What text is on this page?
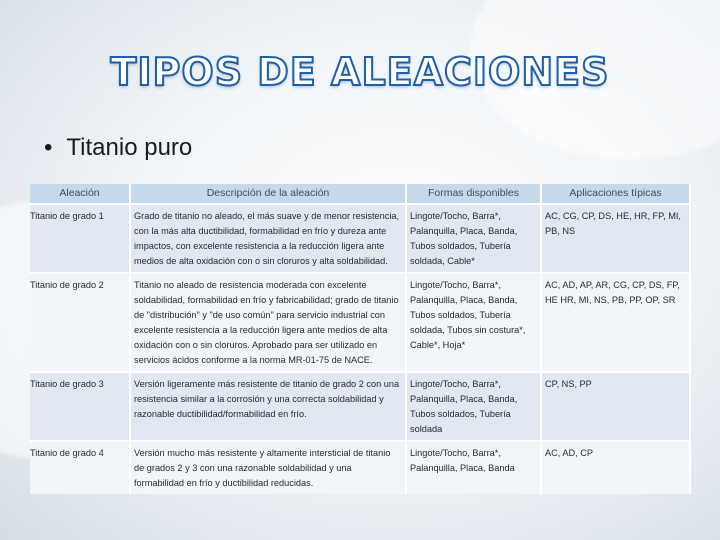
TIPOS DE ALEACIONES
• Titanio puro
Aleación	Descripción de la aleación	Formas disponibles	Aplicaciones típicas
Titanio de grado 1	Grado de titanio no aleado, el más suave y de menor resistencia, con la más alta ductibilidad, formabilidad en frío y dureza ante impactos, con excelente resistencia a la reducción ligera ante medios de alta oxidación con o sin cloruros y alta soldabilidad.	Lingote/Tocho, Barra*, Palanquilla, Placa, Banda, Tubos soldados, Tubería soldada, Cable*	AC, CG, CP, DS, HE, HR, FP, MI, PB, NS
Titanio de grado 2	Titanio no aleado de resistencia moderada con excelente soldabilidad, formabilidad en frío y fabricabilidad; grado de titanio de "distribución" y "de uso común" para servicio industrial con excelente resistencia a la reducción ligera ante medios de alta oxidación con o sin cloruros. Aprobado para ser utilizado en servicios ácidos conforme a la norma MR-01-75 de NACE.	Lingote/Tocho, Barra*, Palanquilla, Placa, Banda, Tubos soldados, Tubería soldada, Tubos sin costura*, Cable*, Hoja*	AC, AD, AP, AR, CG, CP, DS, FP, HE HR, MI, NS, PB, PP, OP, SR
Titanio de grado 3	Versión ligeramente más resistente de titanio de grado 2 con una resistencia similar a la corrosión y una correcta soldabilidad y razonable ductibilidad/formabilidad en frío.	Lingote/Tocho, Barra*, Palanquilla, Placa, Banda, Tubos soldados, Tubería soldada	CP, NS, PP
Titanio de grado 4	Versión mucho más resistente y altamente intersticial de titanio de grados 2 y 3 con una razonable soldabilidad y una formabilidad en frío y ductibilidad reducidas.	Lingote/Tocho, Barra*, Palanquilla, Placa, Banda	AC, AD, CP
